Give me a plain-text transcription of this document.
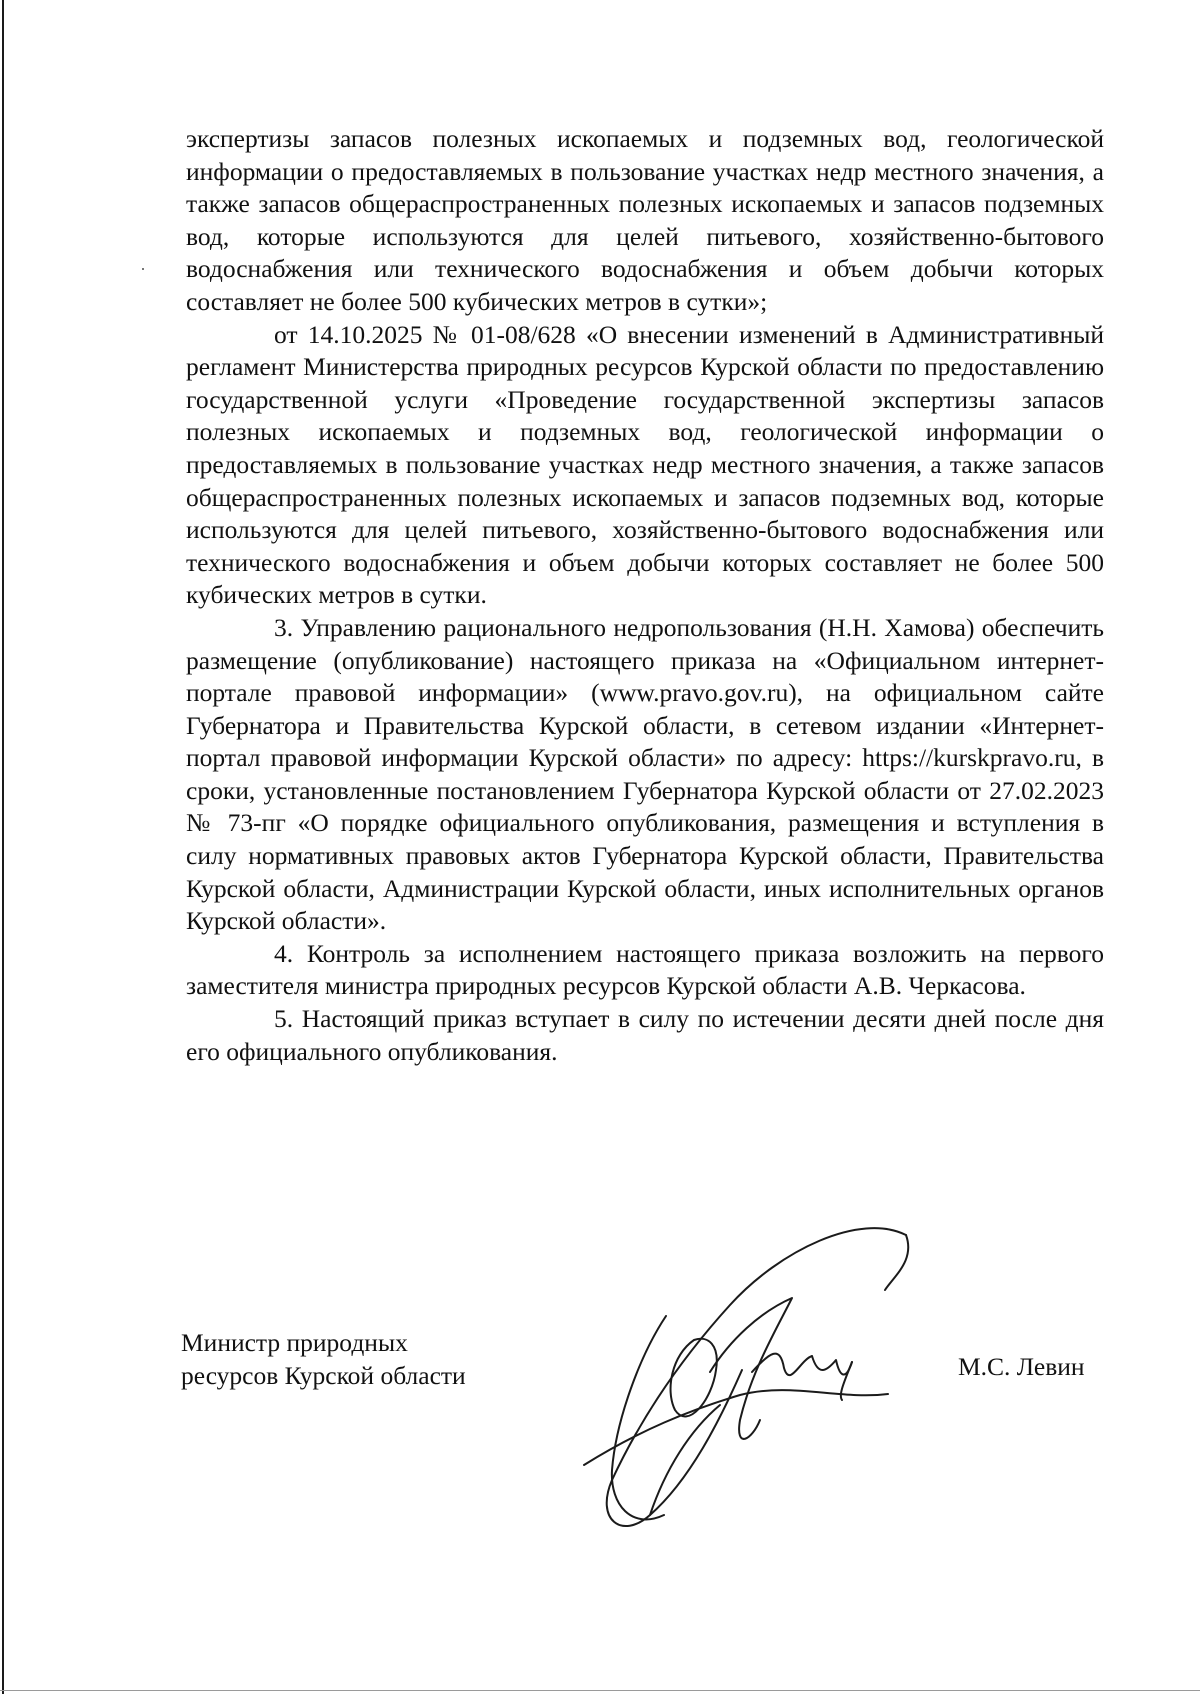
экспертизы запасов полезных ископаемых и подземных вод, геологической информации о предоставляемых в пользование участках недр местного значения, а также запасов общераспространенных полезных ископаемых и запасов подземных вод, которые используются для целей питьевого, хозяйственно-бытового водоснабжения или технического водоснабжения и объем добычи которых составляет не более 500 кубических метров в сутки»;

от 14.10.2025 № 01-08/628 «О внесении изменений в Административный регламент Министерства природных ресурсов Курской области по предоставлению государственной услуги «Проведение государственной экспертизы запасов полезных ископаемых и подземных вод, геологической информации о предоставляемых в пользование участках недр местного значения, а также запасов общераспространенных полезных ископаемых и запасов подземных вод, которые используются для целей питьевого, хозяйственно-бытового водоснабжения или технического водоснабжения и объем добычи которых составляет не более 500 кубических метров в сутки.

3. Управлению рационального недропользования (Н.Н. Хамова) обеспечить размещение (опубликование) настоящего приказа на «Официальном интернет-портале правовой информации» (www.pravo.gov.ru), на официальном сайте Губернатора и Правительства Курской области, в сетевом издании «Интернет-портал правовой информации Курской области» по адресу: https://kurskpravo.ru, в сроки, установленные постановлением Губернатора Курской области от 27.02.2023 № 73-пг «О порядке официального опубликования, размещения и вступления в силу нормативных правовых актов Губернатора Курской области, Правительства Курской области, Администрации Курской области, иных исполнительных органов Курской области».

4. Контроль за исполнением настоящего приказа возложить на первого заместителя министра природных ресурсов Курской области А.В. Черкасова.

5. Настоящий приказ вступает в силу по истечении десяти дней после дня его официального опубликования.

Министр природных
ресурсов Курской области	М.С. Левин
